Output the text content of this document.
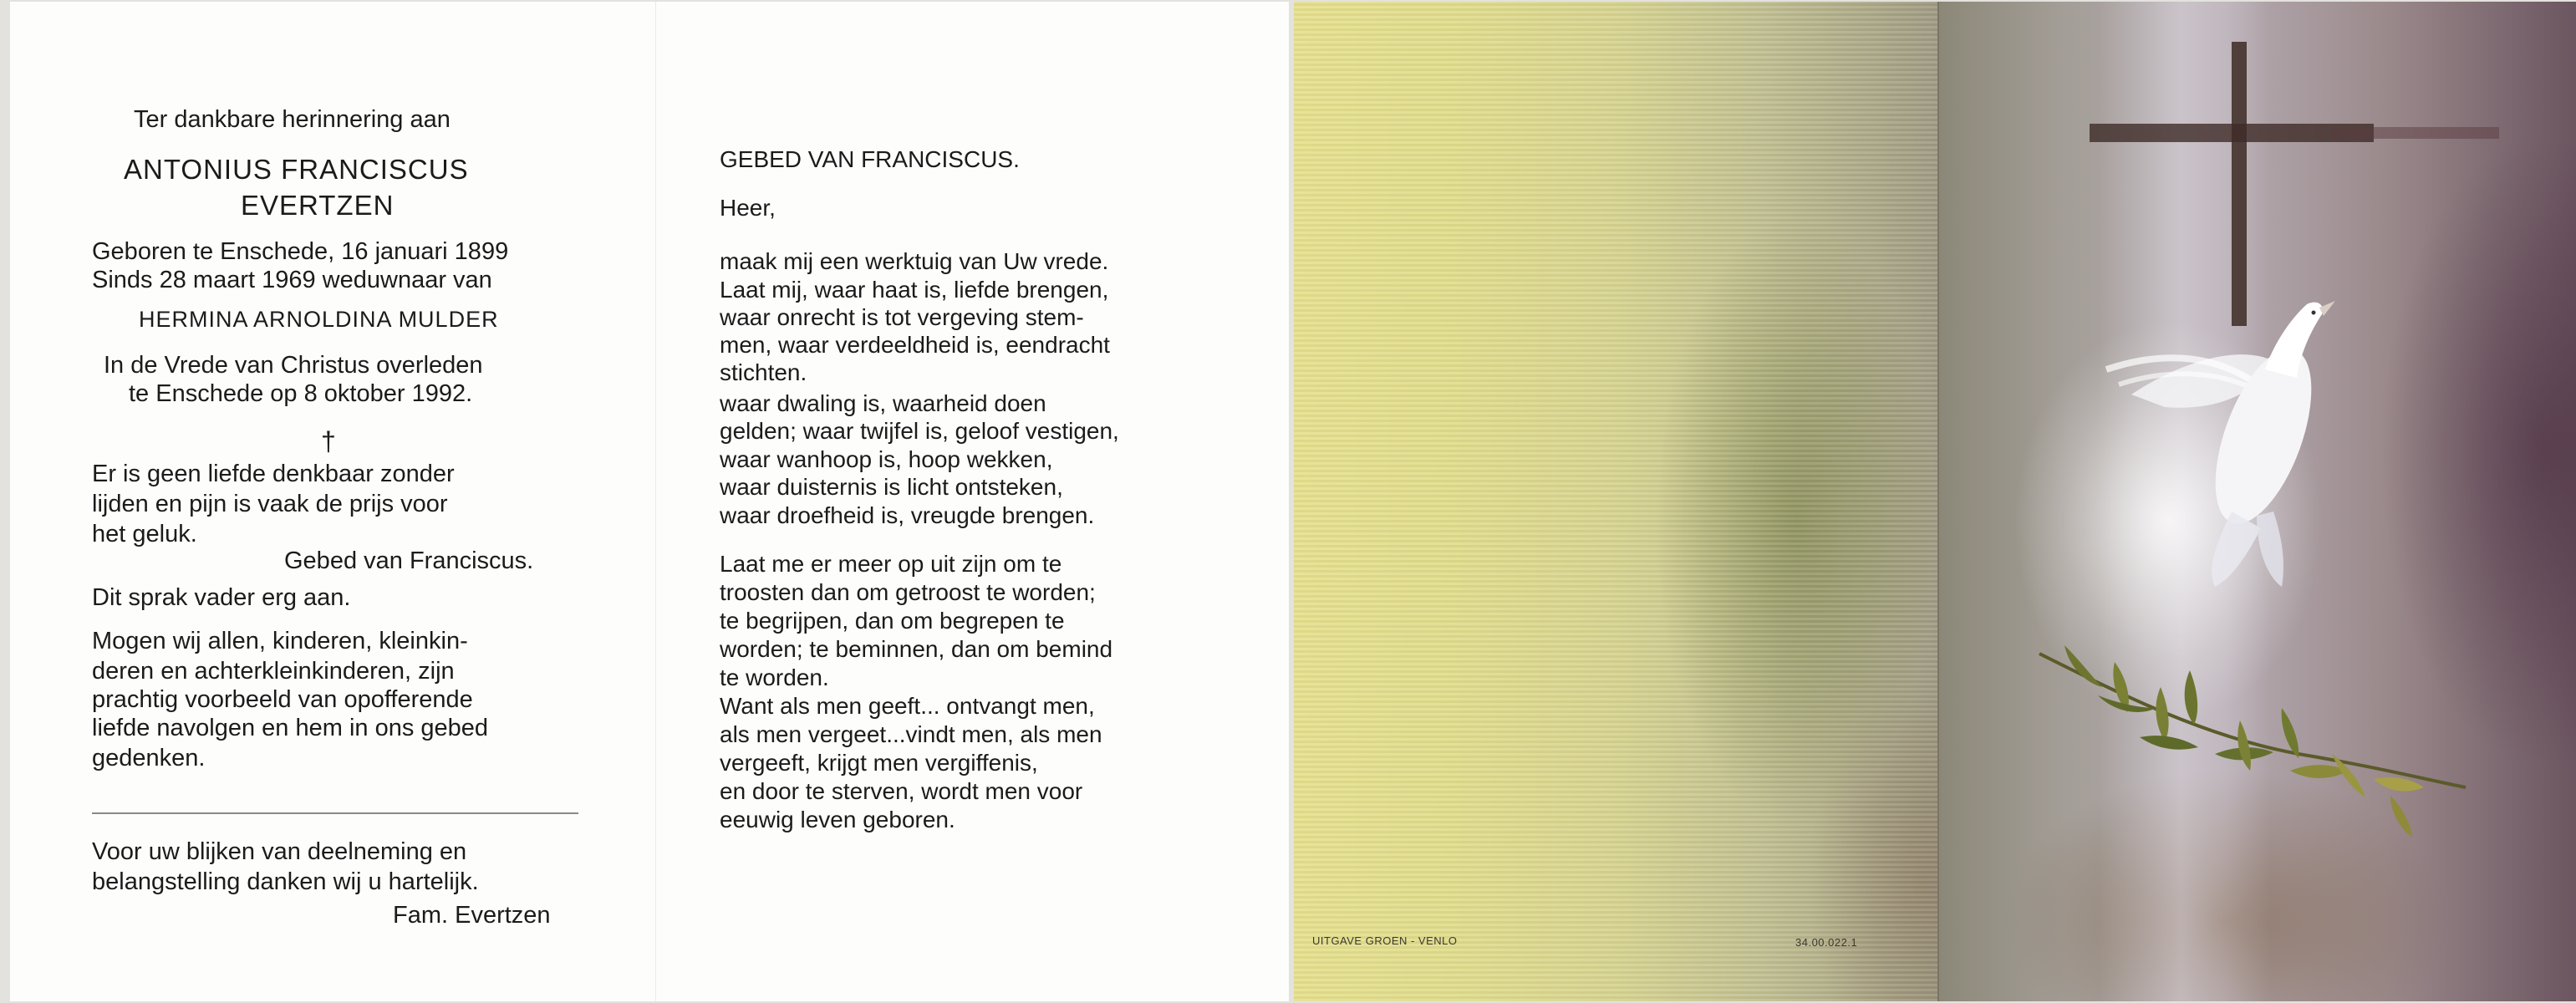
Ter dankbare herinnering aan
ANTONIUS FRANCISCUS
EVERTZEN
Geboren te Enschede, 16 januari 1899
Sinds 28 maart 1969 weduwnaar van
HERMINA ARNOLDINA MULDER
In de Vrede van Christus overleden
te Enschede op 8 oktober 1992.
†
Er is geen liefde denkbaar zonder
lijden en pijn is vaak de prijs voor
het geluk.
Gebed van Franciscus.
Dit sprak vader erg aan.
Mogen wij allen, kinderen, kleinkin-
deren en achterkleinkinderen, zijn
prachtig voorbeeld van opofferende
liefde navolgen en hem in ons gebed
gedenken.
Voor uw blijken van deelneming en
belangstelling danken wij u hartelijk.
Fam. Evertzen
GEBED VAN FRANCISCUS.
Heer,
maak mij een werktuig van Uw vrede.
Laat mij, waar haat is, liefde brengen,
waar onrecht is tot vergeving stem-
men, waar verdeeldheid is, eendracht
stichten.
waar dwaling is, waarheid doen
gelden; waar twijfel is, geloof vestigen,
waar wanhoop is, hoop wekken,
waar duisternis is licht ontsteken,
waar droefheid is, vreugde brengen.
Laat me er meer op uit zijn om te
troosten dan om getroost te worden;
te begrijpen, dan om begrepen te
worden; te beminnen, dan om bemind
te worden.
Want als men geeft... ontvangt men,
als men vergeet...vindt men, als men
vergeeft, krijgt men vergiffenis,
en door te sterven, wordt men voor
eeuwig leven geboren.
UITGAVE GROEN - VENLO	34.00.022.1
